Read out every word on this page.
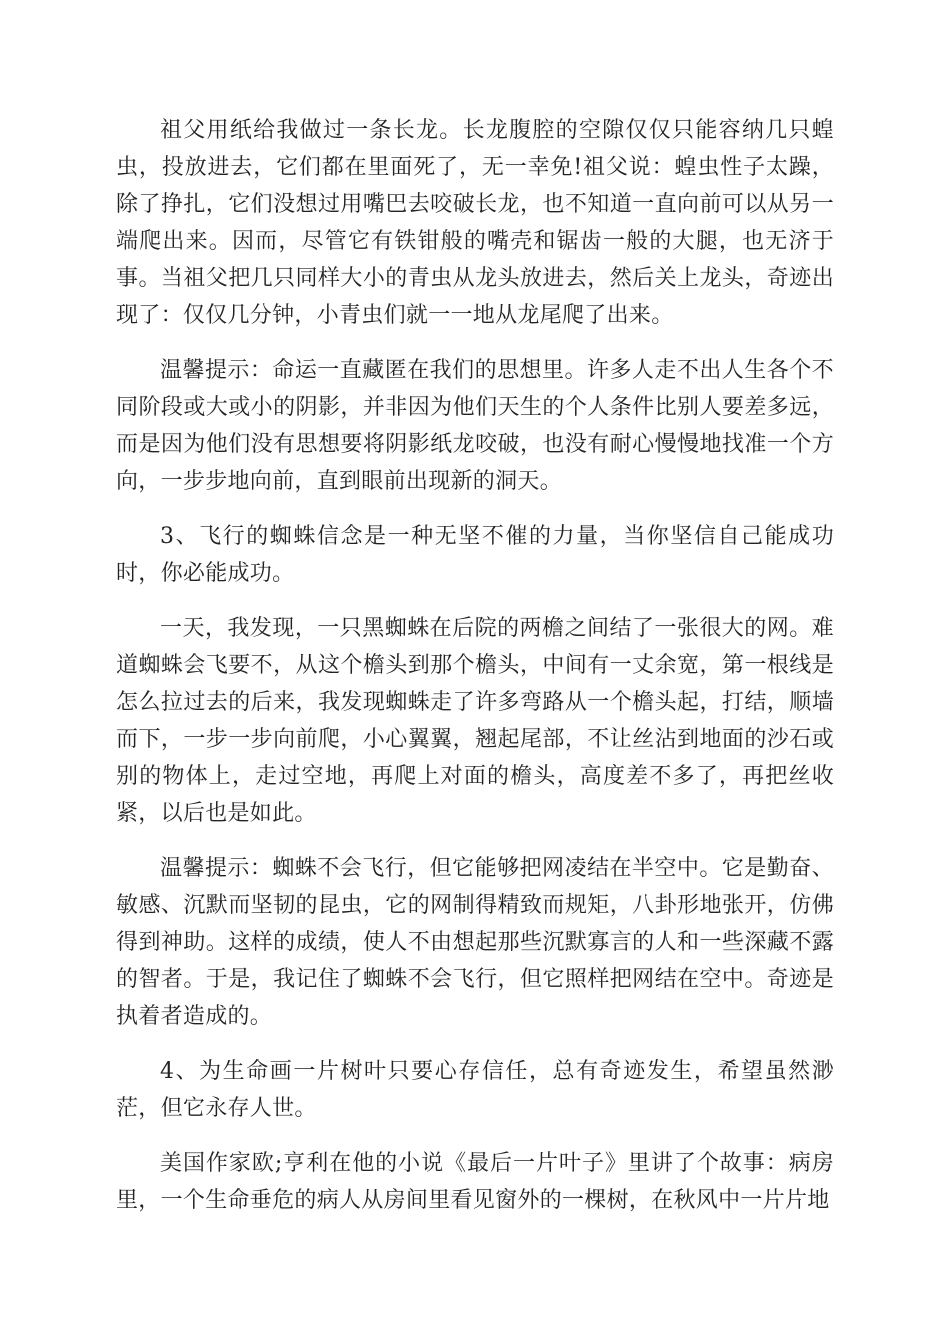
祖父用纸给我做过一条长龙。长龙腹腔的空隙仅仅只能容纳几只蝗虫，投放进去，它们都在里面死了，无一幸免!祖父说：蝗虫性子太躁，除了挣扎，它们没想过用嘴巴去咬破长龙，也不知道一直向前可以从另一端爬出来。因而，尽管它有铁钳般的嘴壳和锯齿一般的大腿，也无济于事。当祖父把几只同样大小的青虫从龙头放进去，然后关上龙头，奇迹出现了：仅仅几分钟，小青虫们就一一地从龙尾爬了出来。

温馨提示：命运一直藏匿在我们的思想里。许多人走不出人生各个不同阶段或大或小的阴影，并非因为他们天生的个人条件比别人要差多远，而是因为他们没有思想要将阴影纸龙咬破，也没有耐心慢慢地找准一个方向，一步步地向前，直到眼前出现新的洞天。

3、飞行的蜘蛛信念是一种无坚不催的力量，当你坚信自己能成功时，你必能成功。

一天，我发现，一只黑蜘蛛在后院的两檐之间结了一张很大的网。难道蜘蛛会飞要不，从这个檐头到那个檐头，中间有一丈余宽，第一根线是怎么拉过去的后来，我发现蜘蛛走了许多弯路从一个檐头起，打结，顺墙而下，一步一步向前爬，小心翼翼，翘起尾部，不让丝沾到地面的沙石或别的物体上，走过空地，再爬上对面的檐头，高度差不多了，再把丝收紧，以后也是如此。

温馨提示：蜘蛛不会飞行，但它能够把网凌结在半空中。它是勤奋、敏感、沉默而坚韧的昆虫，它的网制得精致而规矩，八卦形地张开，仿佛得到神助。这样的成绩，使人不由想起那些沉默寡言的人和一些深藏不露的智者。于是，我记住了蜘蛛不会飞行，但它照样把网结在空中。奇迹是执着者造成的。

4、为生命画一片树叶只要心存信任，总有奇迹发生，希望虽然渺茫，但它永存人世。

美国作家欧;亨利在他的小说《最后一片叶子》里讲了个故事：病房里，一个生命垂危的病人从房间里看见窗外的一棵树，在秋风中一片片地
